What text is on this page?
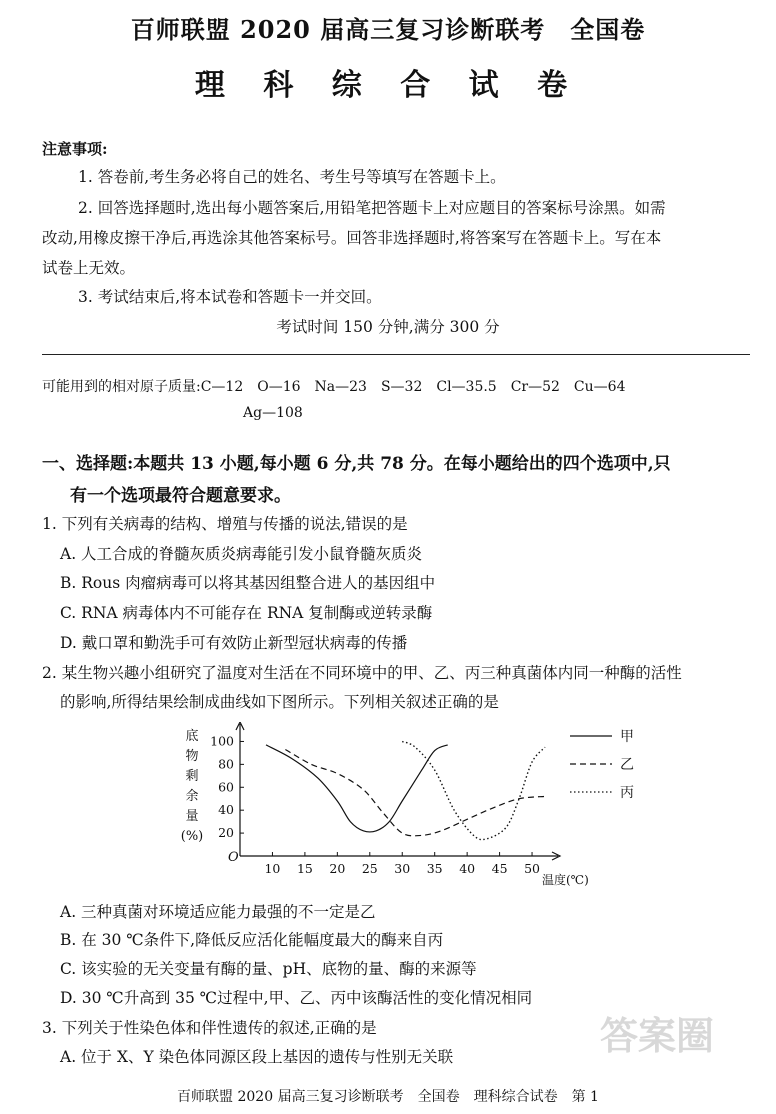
百师联盟 2020 届高三复习诊断联考　全国卷
理 科 综 合 试 卷
注意事项:
1. 答卷前,考生务必将自己的姓名、考生号等填写在答题卡上。
2. 回答选择题时,选出每小题答案后,用铅笔把答题卡上对应题目的答案标号涂黑。如需
改动,用橡皮擦干净后,再选涂其他答案标号。回答非选择题时,将答案写在答题卡上。写在本
试卷上无效。
3. 考试结束后,将本试卷和答题卡一并交回。
考试时间 150 分钟,满分 300 分
可能用到的相对原子质量:C—12　O—16　Na—23　S—32　Cl—35.5　Cr—52　Cu—64
Ag—108
一、选择题:本题共 13 小题,每小题 6 分,共 78 分。在每小题给出的四个选项中,只
有一个选项最符合题意要求。
1. 下列有关病毒的结构、增殖与传播的说法,错误的是
A. 人工合成的脊髓灰质炎病毒能引发小鼠脊髓灰质炎
B. Rous 肉瘤病毒可以将其基因组整合进人的基因组中
C. RNA 病毒体内不可能存在 RNA 复制酶或逆转录酶
D. 戴口罩和勤洗手可有效防止新型冠状病毒的传播
2. 某生物兴趣小组研究了温度对生活在不同环境中的甲、乙、丙三种真菌体内同一种酶的活性
的影响,所得结果绘制成曲线如下图所示。下列相关叙述正确的是
O
底
物
剩
余
量
(%)
温度(℃)
10 15 20 25 30 35 40 45 50
20
40
60
80
100	甲
乙
丙
A. 三种真菌对环境适应能力最强的不一定是乙
B. 在 30 ℃条件下,降低反应活化能幅度最大的酶来自丙
C. 该实验的无关变量有酶的量、pH、底物的量、酶的来源等
D. 30 ℃升高到 35 ℃过程中,甲、乙、丙中该酶活性的变化情况相同
3. 下列关于性染色体和伴性遗传的叙述,正确的是
A. 位于 X、Y 染色体同源区段上基因的遗传与性别无关联	答案圈
百师联盟 2020 届高三复习诊断联考　全国卷　理科综合试卷　第 1
